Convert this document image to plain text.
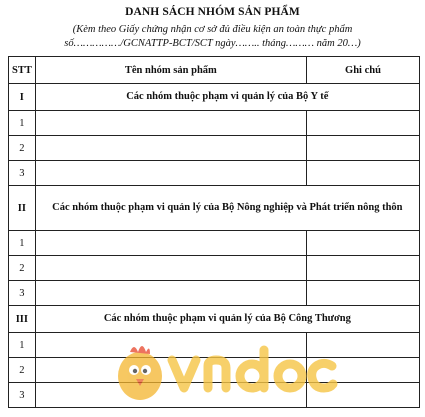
DANH SÁCH NHÓM SẢN PHẨM
(Kèm theo Giấy chứng nhận cơ sở đủ điều kiện an toàn thực phẩm
số……………/GCNATTP-BCT/SCT ngày…….. tháng……… năm 20…)
STT	Tên nhóm sản phẩm	Ghi chú
I	Các nhóm thuộc phạm vi quản lý của Bộ Y tế	
1		
2		
3		
II	Các nhóm thuộc phạm vi quản lý của Bộ Nông nghiệp và Phát triển nông thôn	
1		
2		
3		
III	Các nhóm thuộc phạm vi quản lý của Bộ Công Thương	
1		
2		
3		
